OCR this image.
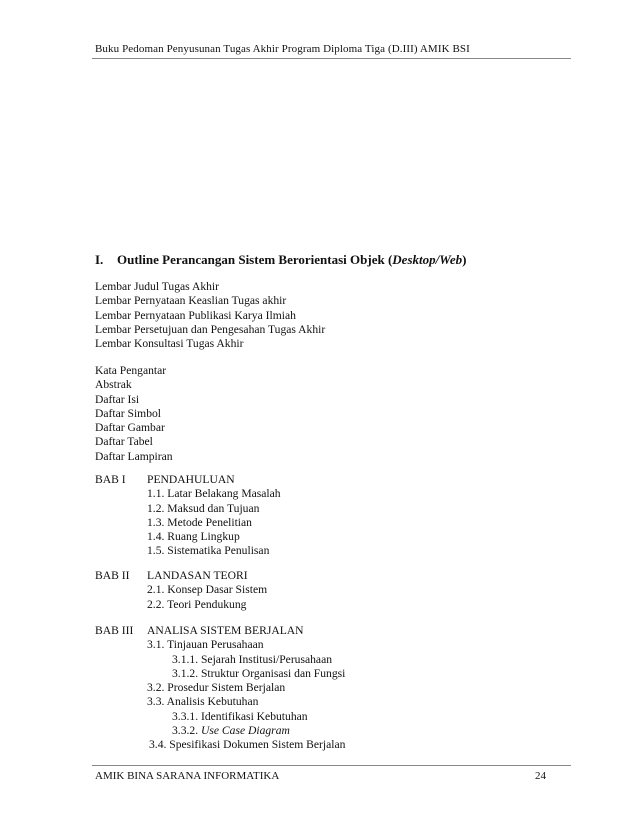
Buku Pedoman Penyusunan Tugas Akhir Program Diploma Tiga (D.III) AMIK BSI
I. Outline Perancangan Sistem Berorientasi Objek (Desktop/Web)
Lembar Judul Tugas Akhir
Lembar Pernyataan Keaslian Tugas akhir
Lembar Pernyataan Publikasi Karya Ilmiah
Lembar Persetujuan dan Pengesahan Tugas Akhir
Lembar Konsultasi Tugas Akhir
Kata Pengantar
Abstrak
Daftar Isi
Daftar Simbol
Daftar Gambar
Daftar Tabel
Daftar Lampiran
BAB I PENDAHULUAN
1.1. Latar Belakang Masalah
1.2. Maksud dan Tujuan
1.3. Metode Penelitian
1.4. Ruang Lingkup
1.5. Sistematika Penulisan
BAB II LANDASAN TEORI
2.1. Konsep Dasar Sistem
2.2. Teori Pendukung
BAB III ANALISA SISTEM BERJALAN
3.1. Tinjauan Perusahaan
3.1.1. Sejarah Institusi/Perusahaan
3.1.2. Struktur Organisasi dan Fungsi
3.2. Prosedur Sistem Berjalan
3.3. Analisis Kebutuhan
3.3.1. Identifikasi Kebutuhan
3.3.2. Use Case Diagram
3.4. Spesifikasi Dokumen Sistem Berjalan
AMIK BINA SARANA INFORMATIKA	24
